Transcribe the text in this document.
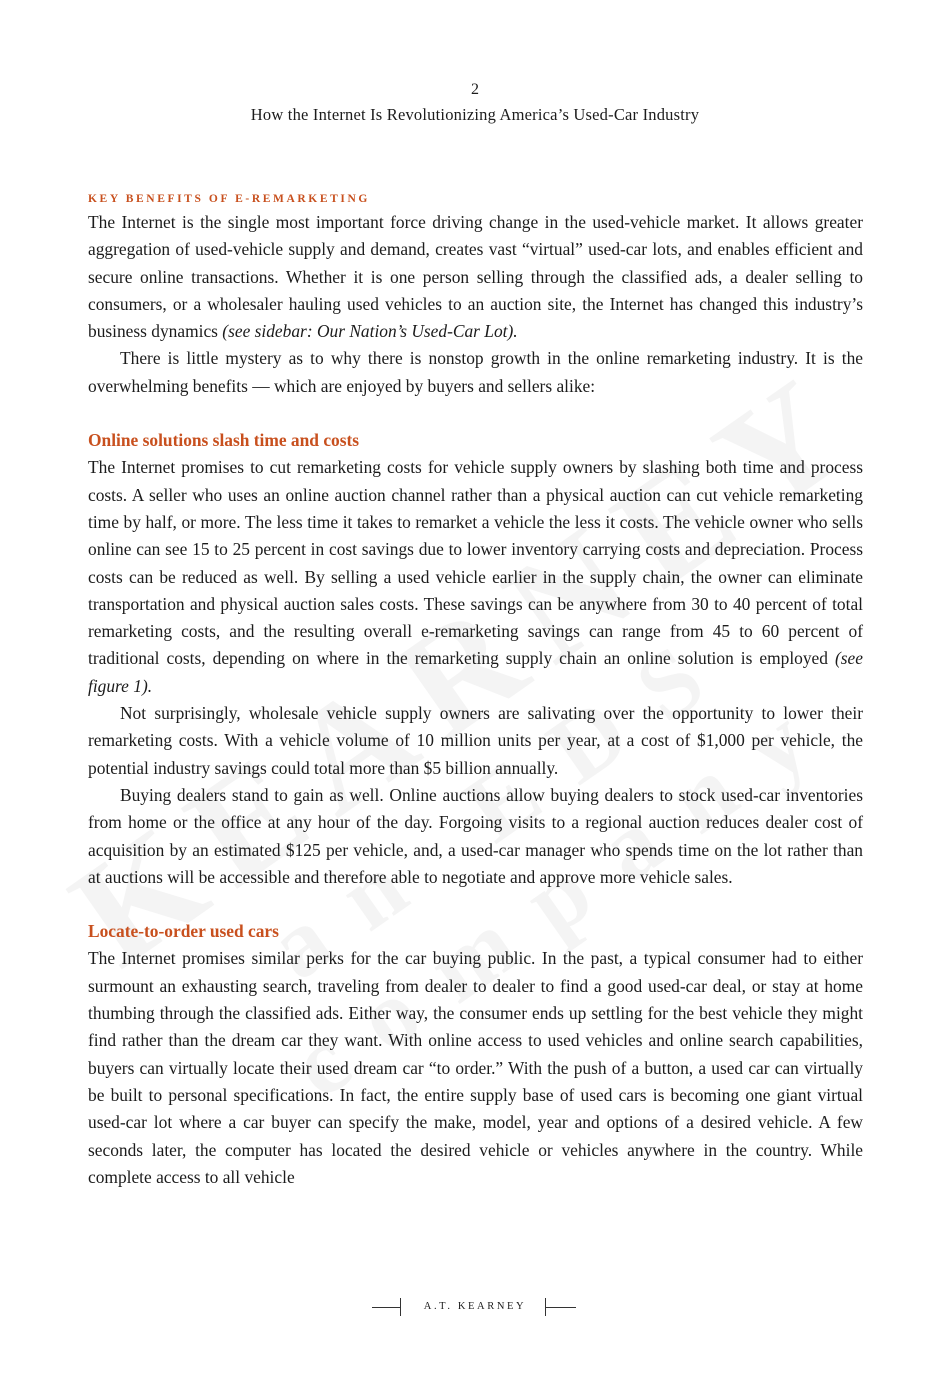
2
How the Internet Is Revolutionizing America’s Used-Car Industry
KEY BENEFITS OF E-REMARKETING

The Internet is the single most important force driving change in the used-vehicle market. It allows greater aggregation of used-vehicle supply and demand, creates vast “virtual” used-car lots, and enables efficient and secure online transactions. Whether it is one person selling through the classified ads, a dealer selling to consumers, or a wholesaler hauling used vehicles to an auction site, the Internet has changed this industry’s business dynamics (see sidebar: Our Nation’s Used-Car Lot).

There is little mystery as to why there is nonstop growth in the online remarketing industry. It is the overwhelming benefits — which are enjoyed by buyers and sellers alike:

Online solutions slash time and costs

The Internet promises to cut remarketing costs for vehicle supply owners by slashing both time and process costs. A seller who uses an online auction channel rather than a physical auction can cut vehicle remarketing time by half, or more. The less time it takes to remarket a vehicle the less it costs. The vehicle owner who sells online can see 15 to 25 percent in cost savings due to lower inventory carrying costs and depreciation. Process costs can be reduced as well. By selling a used vehicle earlier in the supply chain, the owner can eliminate transportation and physical auction sales costs. These savings can be anywhere from 30 to 40 percent of total remarketing costs, and the resulting overall e-remarketing savings can range from 45 to 60 percent of traditional costs, depending on where in the remarketing supply chain an online solution is employed (see figure 1).

Not surprisingly, wholesale vehicle supply owners are salivating over the opportunity to lower their remarketing costs. With a vehicle volume of 10 million units per year, at a cost of $1,000 per vehicle, the potential industry savings could total more than $5 billion annually.

Buying dealers stand to gain as well. Online auctions allow buying dealers to stock used-car inventories from home or the office at any hour of the day. Forgoing visits to a regional auction reduces dealer cost of acquisition by an estimated $125 per vehicle, and, a used-car manager who spends time on the lot rather than at auctions will be accessible and therefore able to negotiate and approve more vehicle sales.

Locate-to-order used cars

The Internet promises similar perks for the car buying public. In the past, a typical consumer had to either surmount an exhausting search, traveling from dealer to dealer to find a good used-car deal, or stay at home thumbing through the classified ads. Either way, the consumer ends up settling for the best vehicle they might find rather than the dream car they want. With online access to used vehicles and online search capabilities, buyers can virtually locate their used dream car “to order.” With the push of a button, a used car can virtually be built to personal specifications. In fact, the entire supply base of used cars is becoming one giant virtual used-car lot where a car buyer can specify the make, model, year and options of a desired vehicle. A few seconds later, the computer has located the desired vehicle or vehicles anywhere in the country. While complete access to all vehicle

A.T. KEARNEY
